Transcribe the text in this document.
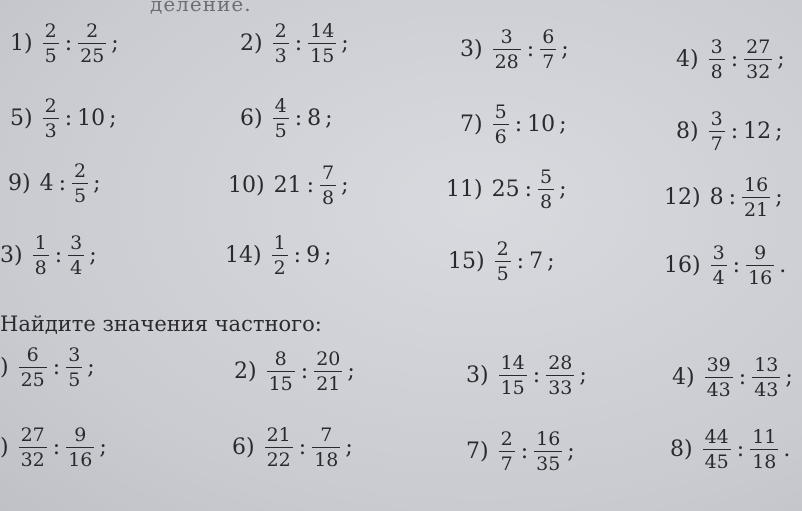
деление.
$1) \frac{2}{5}$ : $\frac{2}{25}$ ;	$2) \frac{2}{3}$ : $\frac{14}{15}$ ;	$3) \frac{3}{28}$ : $\frac{6}{7}$ ;	$4) \frac{3}{8}$ : $\frac{27}{32}$ ;
$5) \frac{2}{3}$ : 10 ;	$6) \frac{4}{5}$ : 8 ;	$7) \frac{5}{6}$ : 10 ;	$8) \frac{3}{7}$ : 12 ;
9) 4 : $\frac{2}{5}$ ;	10) 21 : $\frac{7}{8}$ ;	11) 25 : $\frac{5}{8}$ ;	12) 8 : $\frac{16}{21}$ ;
$3) \frac{1}{8}$ : $\frac{3}{4}$ ;	$14) \frac{1}{2}$ : 9 ;	$15) \frac{2}{5}$ : 7 ;	$16) \frac{3}{4}$ : $\frac{9}{16}$ .
) $\frac{6}{25}$ : $\frac{3}{5}$ ;	$2) \frac{8}{15}$ : $\frac{20}{21}$ ;	$3) \frac{14}{15}$ : $\frac{28}{33}$ ;	$4) \frac{39}{43}$ : $\frac{13}{43}$ ;
) $\frac{27}{32}$ : $\frac{9}{16}$ ;	$6) \frac{21}{22}$ : $\frac{7}{18}$ ;	$7) \frac{2}{7}$ : $\frac{16}{35}$ ;	$8) \frac{44}{45}$ : $\frac{11}{18}$ .
Найдите значения частного:
